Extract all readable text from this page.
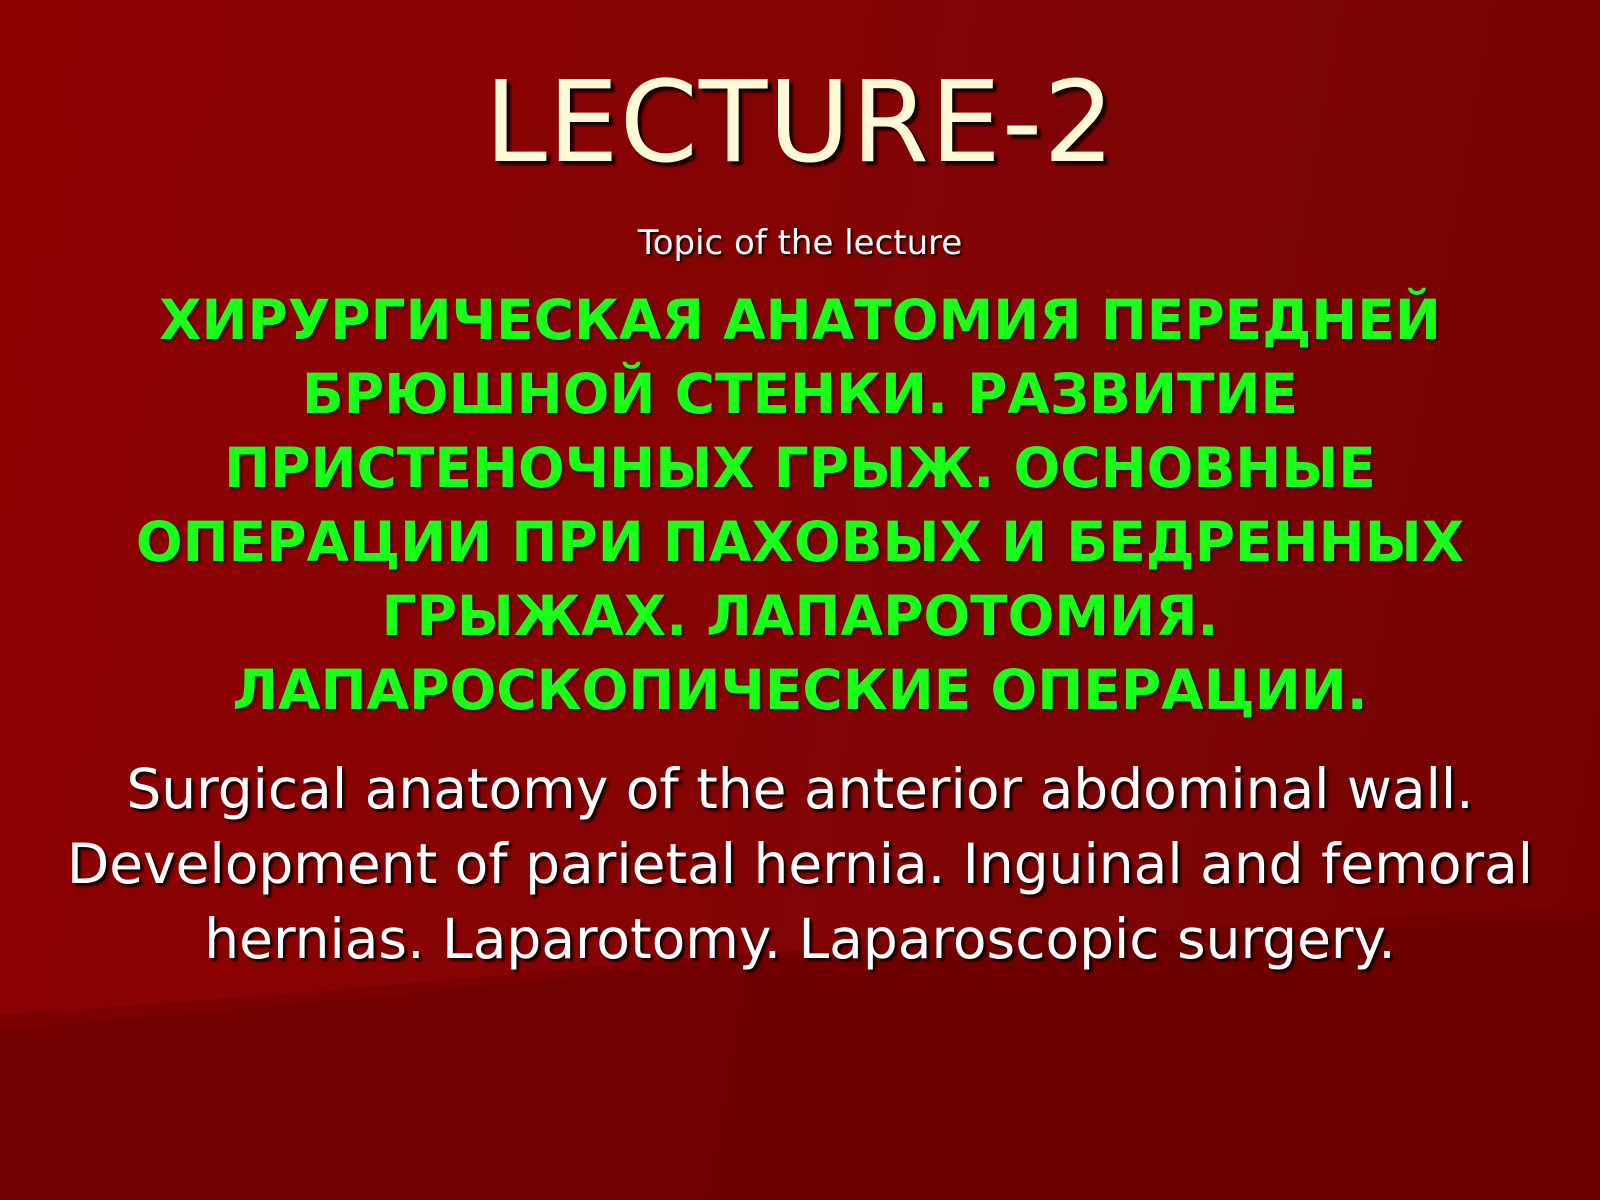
LECTURE-2
Topic of the lecture
ХИРУРГИЧЕСКАЯ АНАТОМИЯ ПЕРЕДНЕЙ БРЮШНОЙ СТЕНКИ. РАЗВИТИЕ ПРИСТЕНОЧНЫХ ГРЫЖ. ОСНОВНЫЕ ОПЕРАЦИИ ПРИ ПАХОВЫХ И БЕДРЕННЫХ ГРЫЖАХ. ЛАПАРОТОМИЯ. ЛАПАРОСКОПИЧЕСКИЕ ОПЕРАЦИИ.
Surgical anatomy of the anterior abdominal wall. Development of parietal hernia. Inguinal and femoral hernias. Laparotomy. Laparoscopic surgery.
